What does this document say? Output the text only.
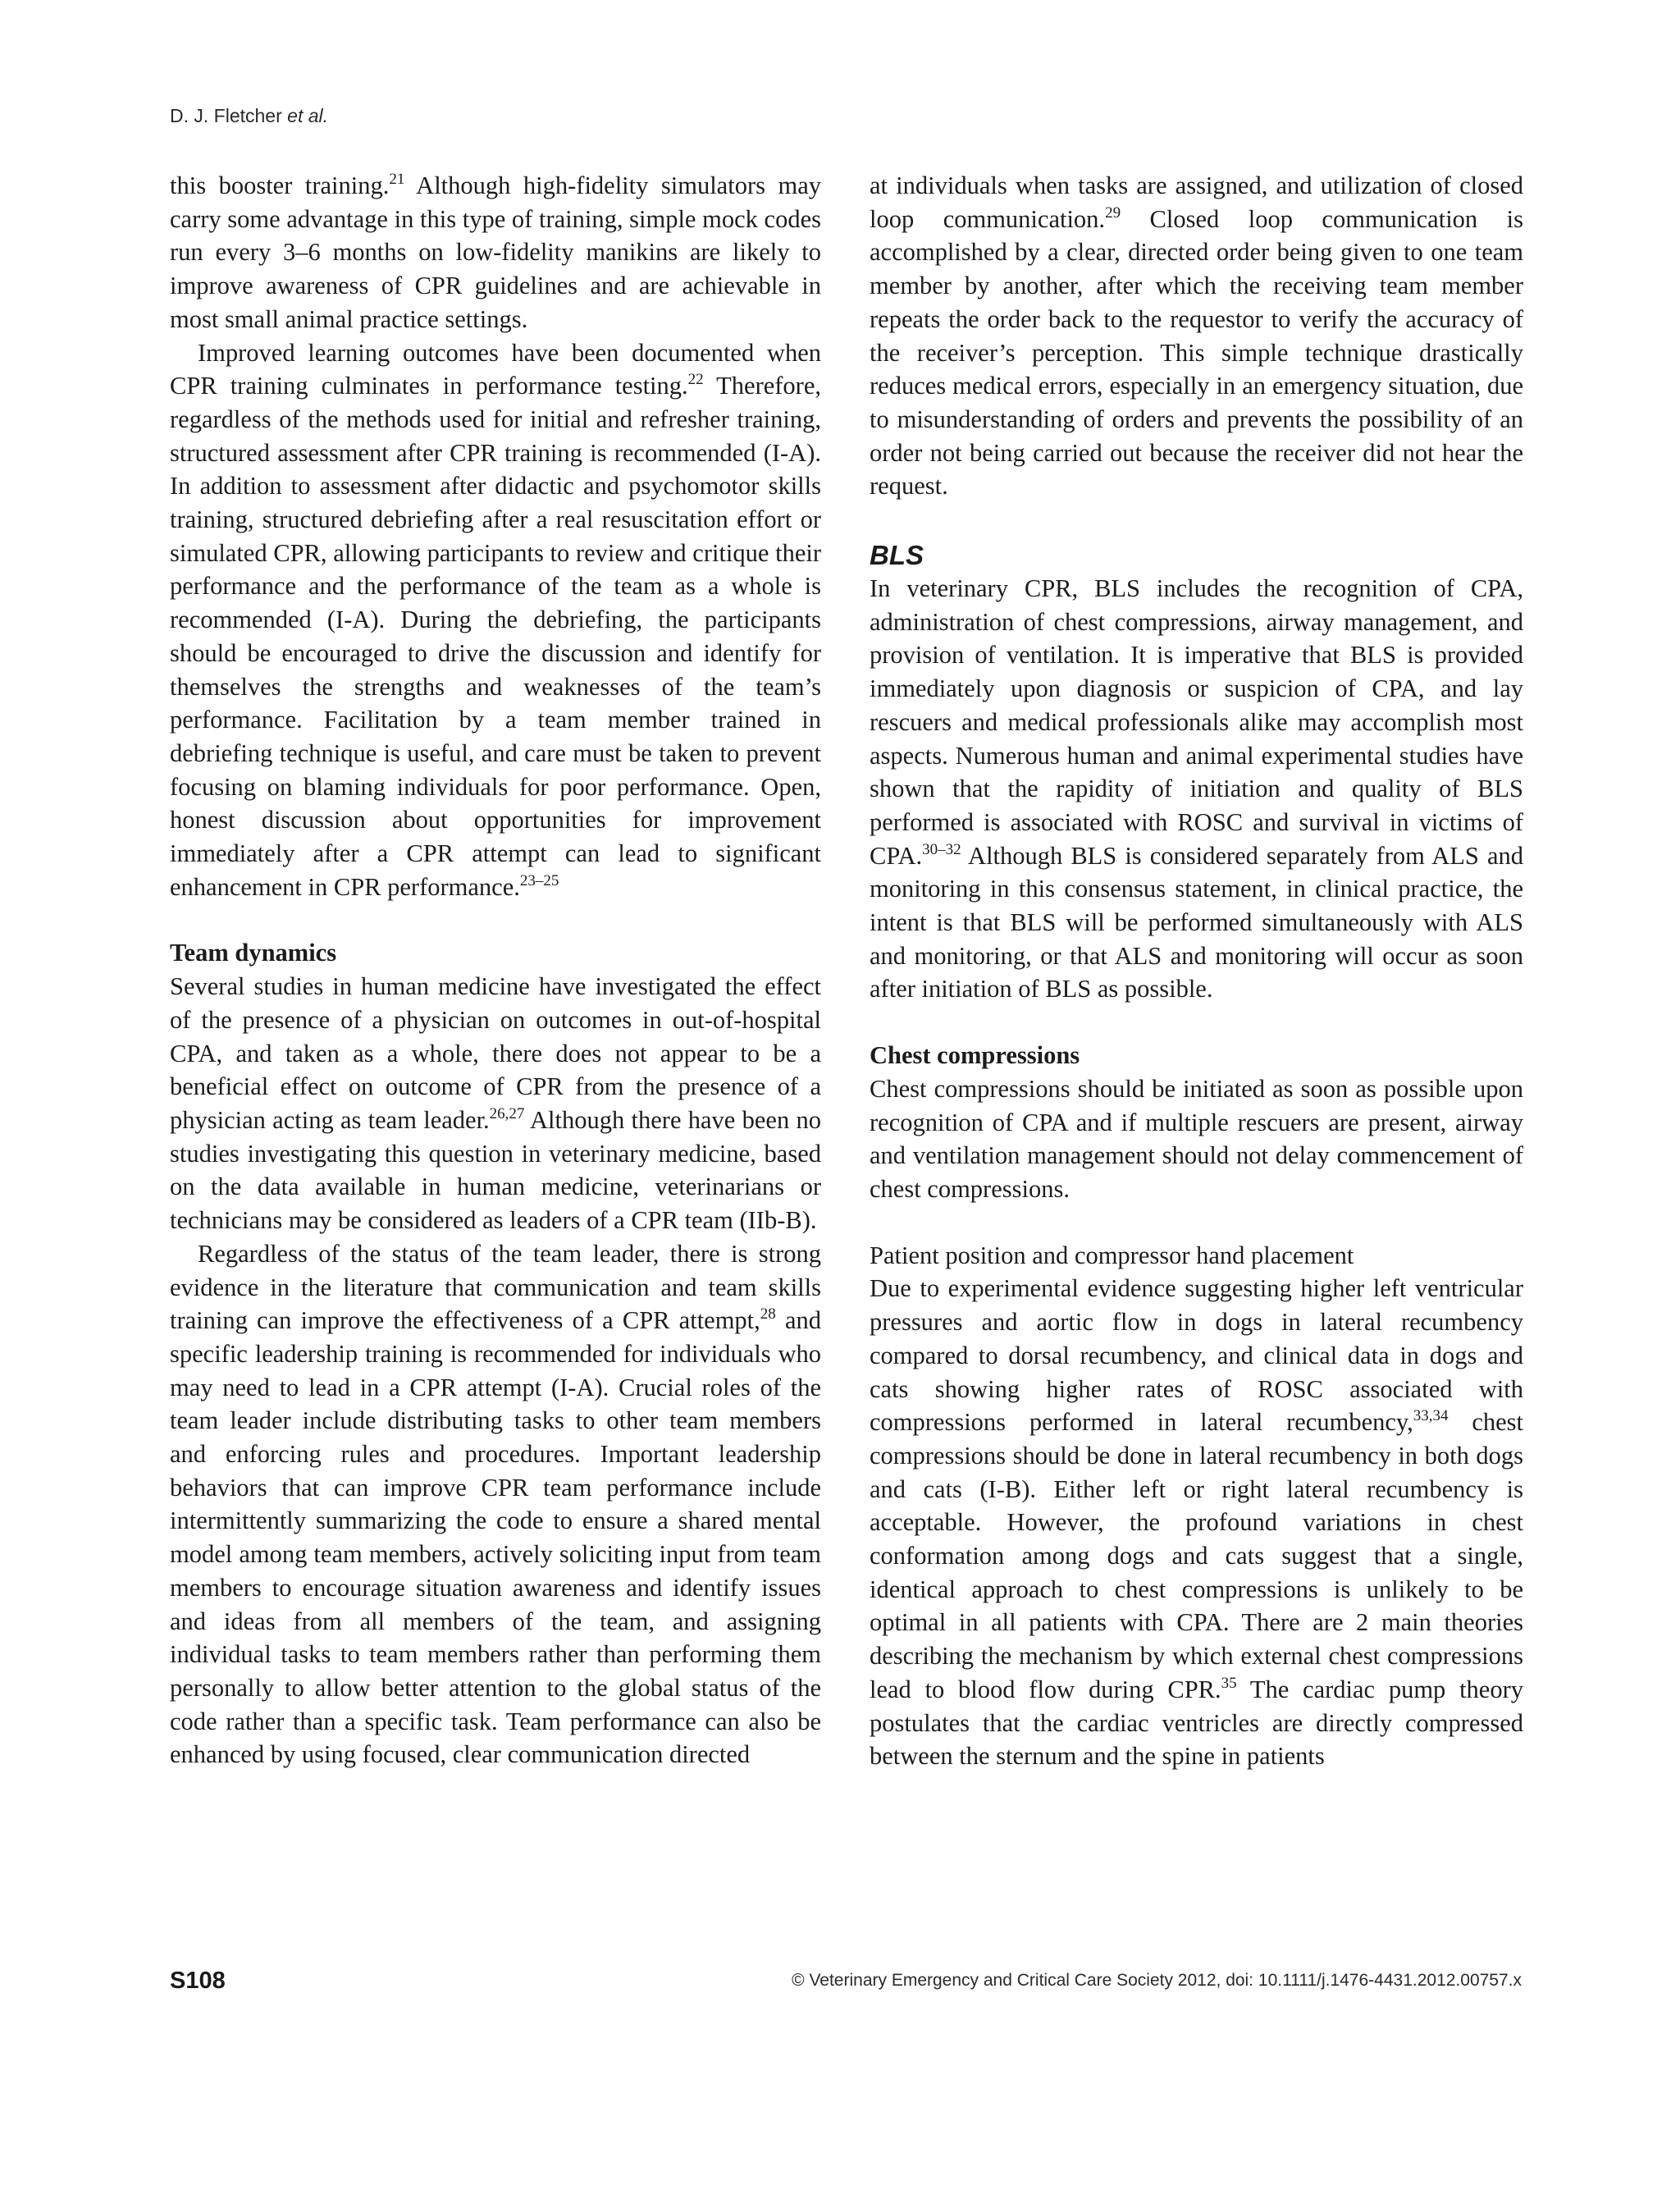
D. J. Fletcher et al.

this booster training.$^{21}$ Although high-fidelity simulators may carry some advantage in this type of training, simple mock codes run every 3–6 months on low-fidelity manikins are likely to improve awareness of CPR guidelines and are achievable in most small animal practice settings.

Improved learning outcomes have been documented when CPR training culminates in performance testing.$^{22}$ Therefore, regardless of the methods used for initial and refresher training, structured assessment after CPR training is recommended (I-A). In addition to assessment after didactic and psychomotor skills training, structured debriefing after a real resuscitation effort or simulated CPR, allowing participants to review and critique their performance and the performance of the team as a whole is recommended (I-A). During the debriefing, the participants should be encouraged to drive the discussion and identify for themselves the strengths and weaknesses of the team’s performance. Facilitation by a team member trained in debriefing technique is useful, and care must be taken to prevent focusing on blaming individuals for poor performance. Open, honest discussion about opportunities for improvement immediately after a CPR attempt can lead to significant enhancement in CPR performance.$^{23-25}$

Team dynamics

Several studies in human medicine have investigated the effect of the presence of a physician on outcomes in out-of-hospital CPA, and taken as a whole, there does not appear to be a beneficial effect on outcome of CPR from the presence of a physician acting as team leader.$^{26,27}$ Although there have been no studies investigating this question in veterinary medicine, based on the data available in human medicine, veterinarians or technicians may be considered as leaders of a CPR team (IIb-B).

Regardless of the status of the team leader, there is strong evidence in the literature that communication and team skills training can improve the effectiveness of a CPR attempt,$^{28}$ and specific leadership training is recommended for individuals who may need to lead in a CPR attempt (I-A). Crucial roles of the team leader include distributing tasks to other team members and enforcing rules and procedures. Important leadership behaviors that can improve CPR team performance include intermittently summarizing the code to ensure a shared mental model among team members, actively soliciting input from team members to encourage situation awareness and identify issues and ideas from all members of the team, and assigning individual tasks to team members rather than performing them personally to allow better attention to the global status of the code rather than a specific task. Team performance can also be enhanced by using focused, clear communication directed

at individuals when tasks are assigned, and utilization of closed loop communication.$^{29}$ Closed loop communication is accomplished by a clear, directed order being given to one team member by another, after which the receiving team member repeats the order back to the requestor to verify the accuracy of the receiver’s perception. This simple technique drastically reduces medical errors, especially in an emergency situation, due to misunderstanding of orders and prevents the possibility of an order not being carried out because the receiver did not hear the request.

BLS

In veterinary CPR, BLS includes the recognition of CPA, administration of chest compressions, airway management, and provision of ventilation. It is imperative that BLS is provided immediately upon diagnosis or suspicion of CPA, and lay rescuers and medical professionals alike may accomplish most aspects. Numerous human and animal experimental studies have shown that the rapidity of initiation and quality of BLS performed is associated with ROSC and survival in victims of CPA.$^{30-32}$ Although BLS is considered separately from ALS and monitoring in this consensus statement, in clinical practice, the intent is that BLS will be performed simultaneously with ALS and monitoring, or that ALS and monitoring will occur as soon after initiation of BLS as possible.

Chest compressions

Chest compressions should be initiated as soon as possible upon recognition of CPA and if multiple rescuers are present, airway and ventilation management should not delay commencement of chest compressions.

Patient position and compressor hand placement

Due to experimental evidence suggesting higher left ventricular pressures and aortic flow in dogs in lateral recumbency compared to dorsal recumbency, and clinical data in dogs and cats showing higher rates of ROSC associated with compressions performed in lateral recumbency,$^{33,34}$ chest compressions should be done in lateral recumbency in both dogs and cats (I-B). Either left or right lateral recumbency is acceptable. However, the profound variations in chest conformation among dogs and cats suggest that a single, identical approach to chest compressions is unlikely to be optimal in all patients with CPA. There are 2 main theories describing the mechanism by which external chest compressions lead to blood flow during CPR.$^{35}$ The cardiac pump theory postulates that the cardiac ventricles are directly compressed between the sternum and the spine in patients

S108	© Veterinary Emergency and Critical Care Society 2012, doi: 10.1111/j.1476-4431.2012.00757.x
